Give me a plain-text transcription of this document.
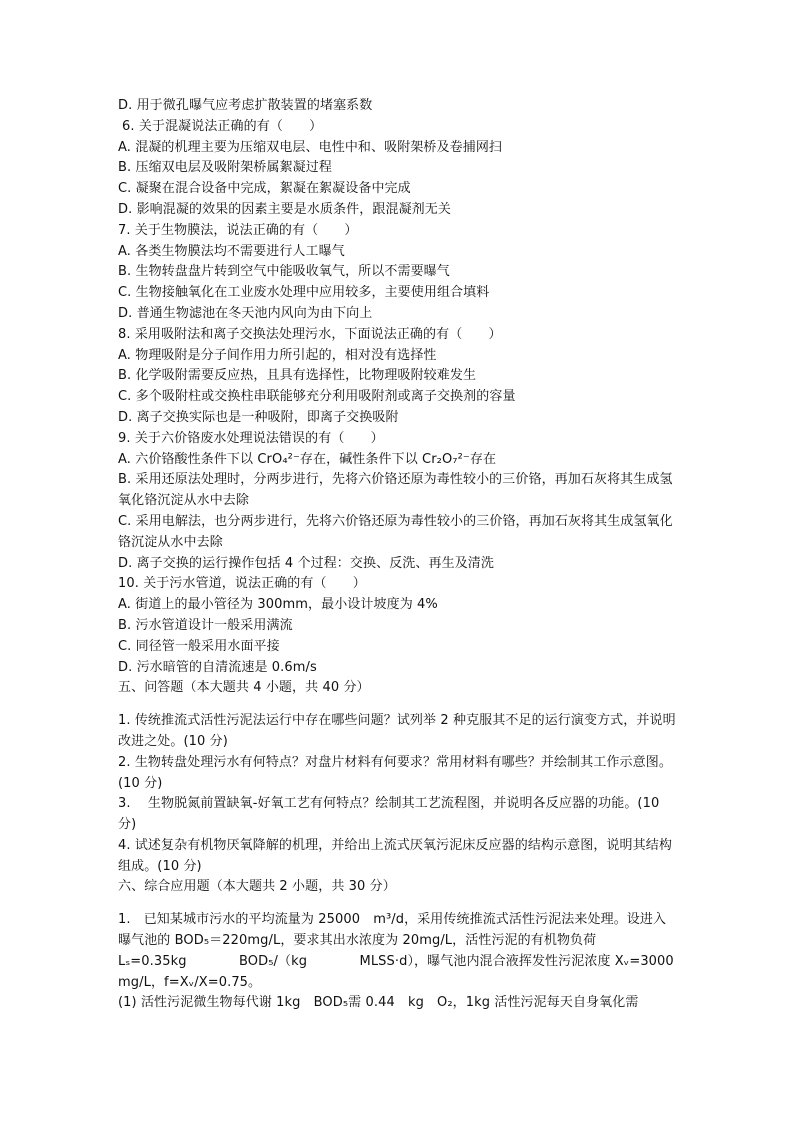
D. 用于微孔曝气应考虑扩散装置的堵塞系数
6. 关于混凝说法正确的有（　　）
A. 混凝的机理主要为压缩双电层、电性中和、吸附架桥及卷捕网扫
B. 压缩双电层及吸附架桥属絮凝过程
C. 凝聚在混合设备中完成，絮凝在絮凝设备中完成
D. 影响混凝的效果的因素主要是水质条件，跟混凝剂无关
7. 关于生物膜法，说法正确的有（　　）
A. 各类生物膜法均不需要进行人工曝气
B. 生物转盘盘片转到空气中能吸收氧气，所以不需要曝气
C. 生物接触氧化在工业废水处理中应用较多，主要使用组合填料
D. 普通生物滤池在冬天池内风向为由下向上
8. 采用吸附法和离子交换法处理污水，下面说法正确的有（　　）
A. 物理吸附是分子间作用力所引起的，相对没有选择性
B. 化学吸附需要反应热，且具有选择性，比物理吸附较难发生
C. 多个吸附柱或交换柱串联能够充分利用吸附剂或离子交换剂的容量
D. 离子交换实际也是一种吸附，即离子交换吸附
9. 关于六价铬废水处理说法错误的有（　　）
A. 六价铬酸性条件下以 CrO₄²⁻存在，碱性条件下以 Cr₂O₇²⁻存在
B. 采用还原法处理时，分两步进行，先将六价铬还原为毒性较小的三价铬，再加石灰将其生成氢氧化铬沉淀从水中去除
C. 采用电解法，也分两步进行，先将六价铬还原为毒性较小的三价铬，再加石灰将其生成氢氧化铬沉淀从水中去除
D. 离子交换的运行操作包括 4 个过程：交换、反洗、再生及清洗
10. 关于污水管道，说法正确的有（　　）
A. 街道上的最小管径为 300mm，最小设计坡度为 4%
B. 污水管道设计一般采用满流
C. 同径管一般采用水面平接
D. 污水暗管的自清流速是 0.6m/s
五、问答题（本大题共 4 小题，共 40 分）
1. 传统推流式活性污泥法运行中存在哪些问题？试列举 2 种克服其不足的运行演变方式，并说明改进之处。(10 分)
2. 生物转盘处理污水有何特点？对盘片材料有何要求？常用材料有哪些？并绘制其工作示意图。(10 分)
3.　 生物脱氮前置缺氧-好氧工艺有何特点？绘制其工艺流程图，并说明各反应器的功能。(10 分)
4. 试述复杂有机物厌氧降解的机理，并给出上流式厌氧污泥床反应器的结构示意图，说明其结构组成。(10 分)
六、综合应用题（本大题共 2 小题，共 30 分）
1.　已知某城市污水的平均流量为 25000　m³/d，采用传统推流式活性污泥法来处理。设进入曝气池的 BOD₅＝220mg/L，要求其出水浓度为 20mg/L，活性污泥的有机物负荷
Lₛ=0.35kg　　　　BOD₅/（kg　　　　MLSS·d），曝气池内混合液挥发性污泥浓度 Xᵥ=3000 mg/L，f=Xᵥ/X=0.75。
(1) 活性污泥微生物每代谢 1kg　BOD₅需 0.44　kg　O₂，1kg 活性污泥每天自身氧化需
